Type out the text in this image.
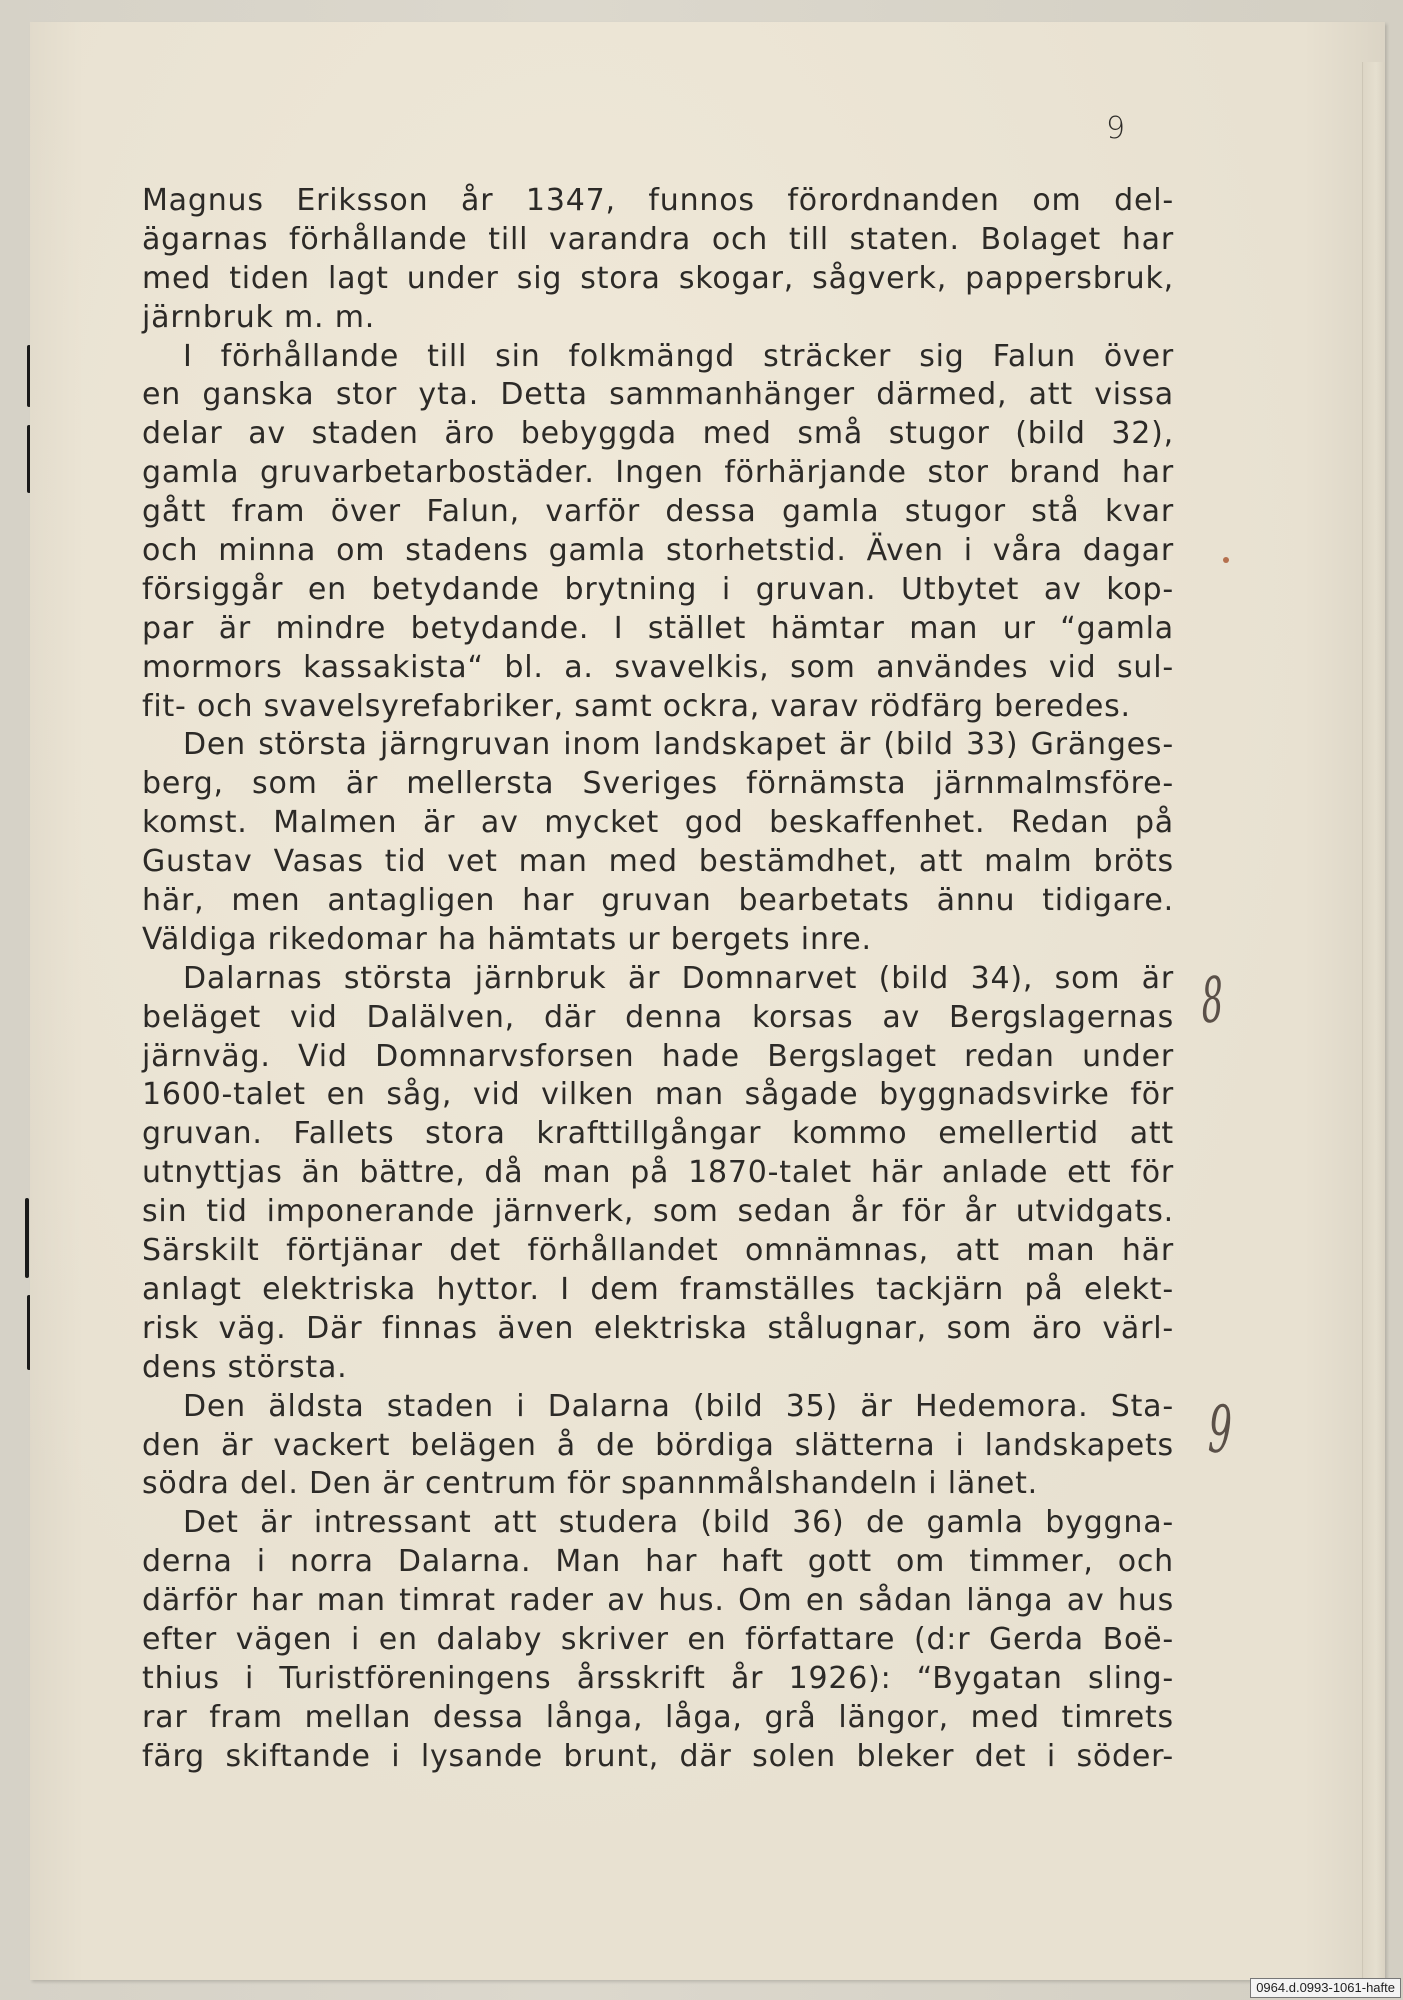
9
Magnus Eriksson år 1347, funnos förordnanden om del-
ägarnas förhållande till varandra och till staten. Bolaget har
med tiden lagt under sig stora skogar, sågverk, pappersbruk,
järnbruk m. m.
I förhållande till sin folkmängd sträcker sig Falun över
en ganska stor yta. Detta sammanhänger därmed, att vissa
delar av staden äro bebyggda med små stugor (bild 32),
gamla gruvarbetarbostäder. Ingen förhärjande stor brand har
gått fram över Falun, varför dessa gamla stugor stå kvar
och minna om stadens gamla storhetstid. Även i våra dagar
försiggår en betydande brytning i gruvan. Utbytet av kop-
par är mindre betydande. I stället hämtar man ur “gamla
mormors kassakista“ bl. a. svavelkis, som användes vid sul-
fit- och svavelsyrefabriker, samt ockra, varav rödfärg beredes.
Den största järngruvan inom landskapet är (bild 33) Gränges-
berg, som är mellersta Sveriges förnämsta järnmalmsföre-
komst. Malmen är av mycket god beskaffenhet. Redan på
Gustav Vasas tid vet man med bestämdhet, att malm bröts
här, men antagligen har gruvan bearbetats ännu tidigare.
Väldiga rikedomar ha hämtats ur bergets inre.
Dalarnas största järnbruk är Domnarvet (bild 34), som är
beläget vid Dalälven, där denna korsas av Bergslagernas
järnväg. Vid Domnarvsforsen hade Bergslaget redan under
1600-talet en såg, vid vilken man sågade byggnadsvirke för
gruvan. Fallets stora krafttillgångar kommo emellertid att
utnyttjas än bättre, då man på 1870-talet här anlade ett för
sin tid imponerande järnverk, som sedan år för år utvidgats.
Särskilt förtjänar det förhållandet omnämnas, att man här
anlagt elektriska hyttor. I dem framställes tackjärn på elekt-
risk väg. Där finnas även elektriska stålugnar, som äro värl-
dens största.
Den äldsta staden i Dalarna (bild 35) är Hedemora. Sta-
den är vackert belägen å de bördiga slätterna i landskapets
södra del. Den är centrum för spannmålshandeln i länet.
Det är intressant att studera (bild 36) de gamla byggna-
derna i norra Dalarna. Man har haft gott om timmer, och
därför har man timrat rader av hus. Om en sådan länga av hus
efter vägen i en dalaby skriver en författare (d:r Gerda Boë-
thius i Turistföreningens årsskrift år 1926): “Bygatan sling-
rar fram mellan dessa långa, låga, grå längor, med timrets
färg skiftande i lysande brunt, där solen bleker det i söder-
8
9
0964.d.0993-1061-hafte
